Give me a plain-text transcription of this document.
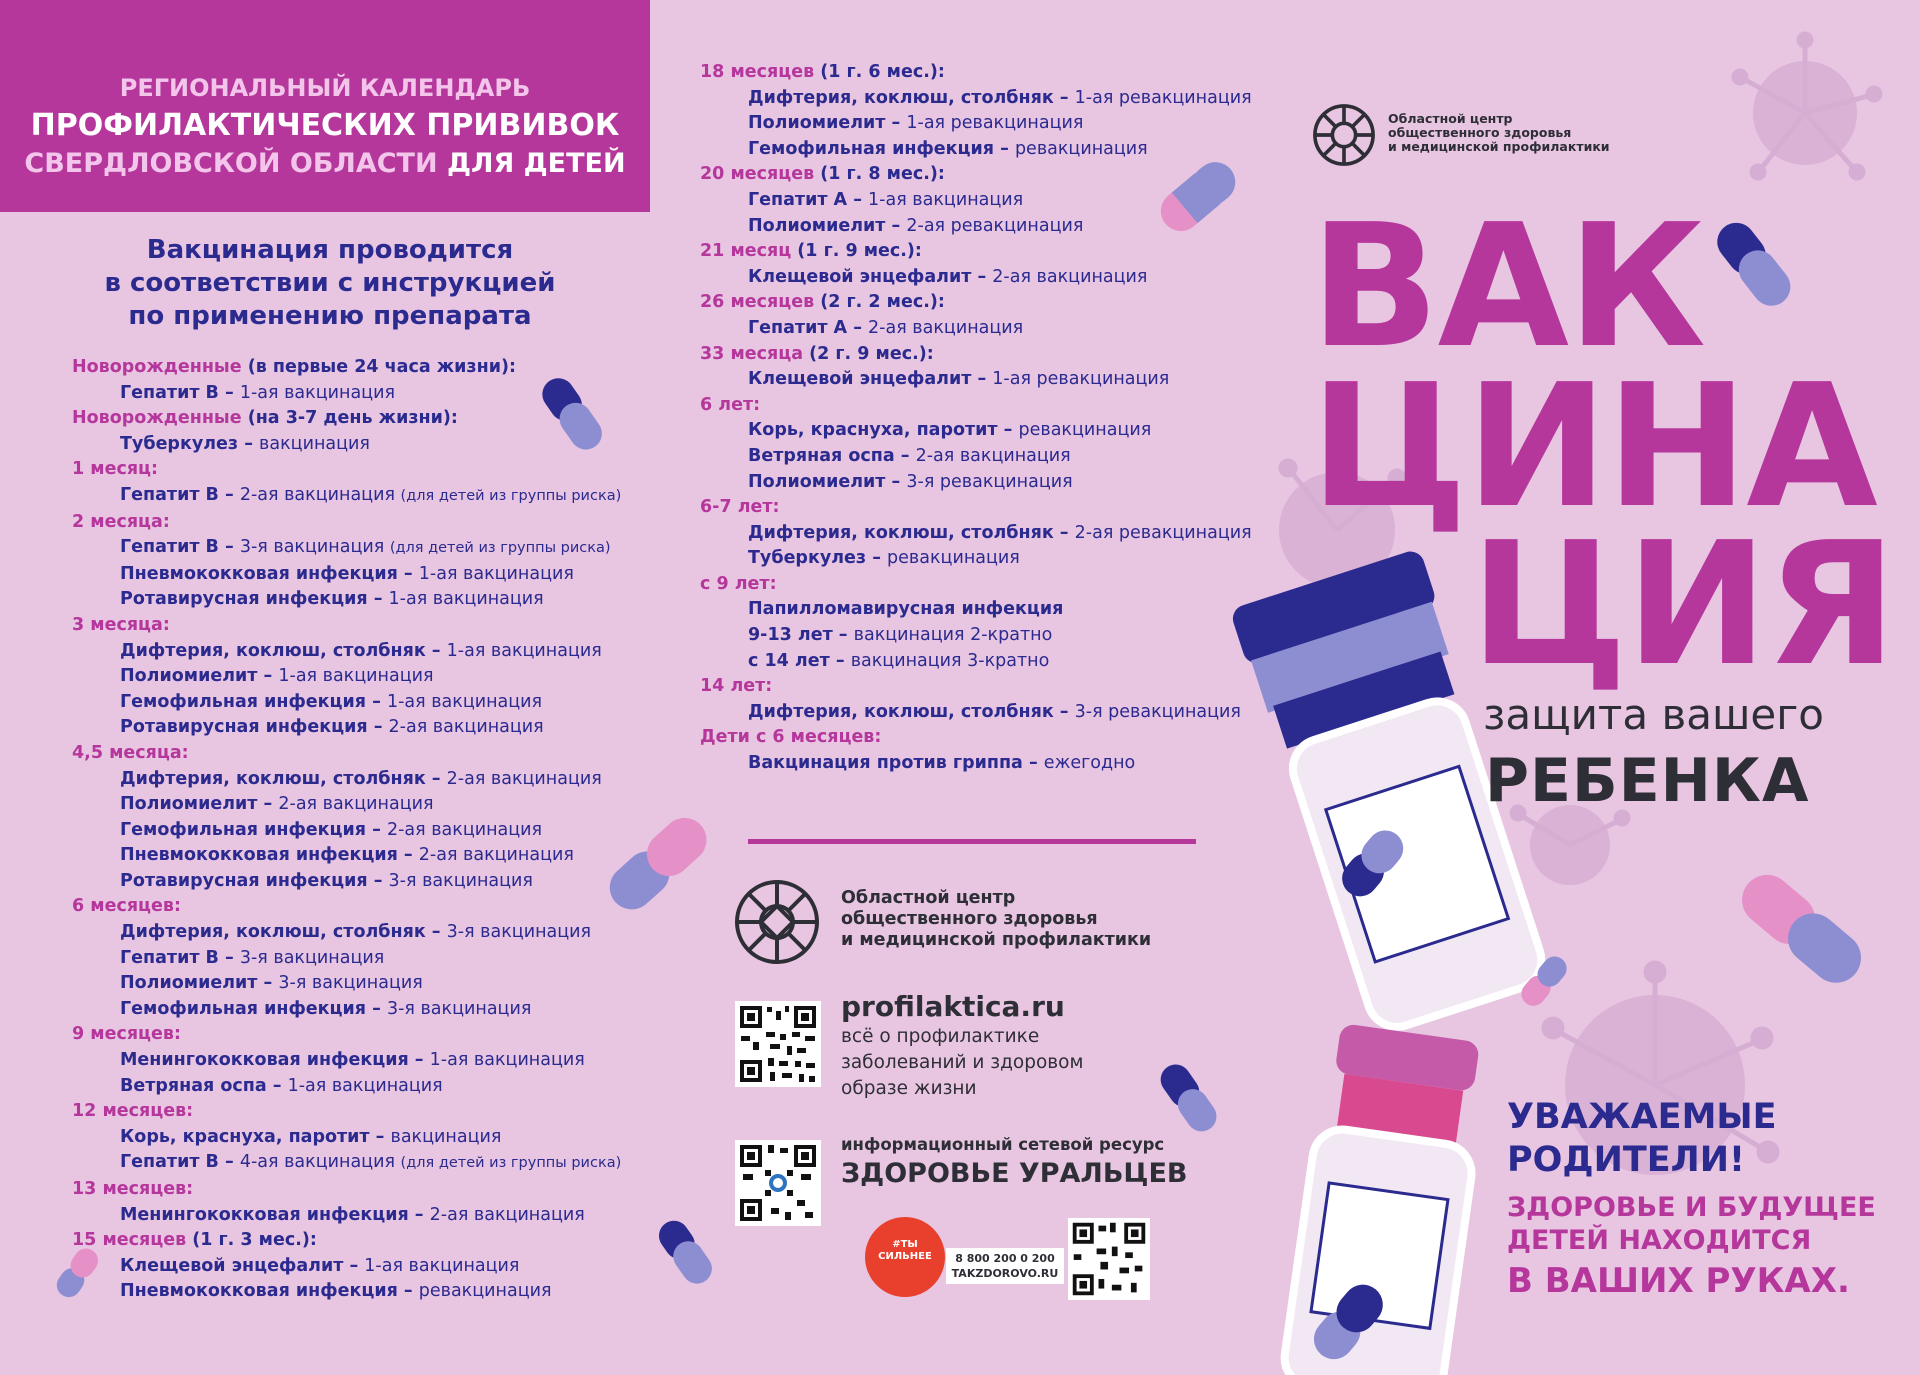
РЕГИОНАЛЬНЫЙ КАЛЕНДАРЬ
ПРОФИЛАКТИЧЕСКИХ ПРИВИВОК
СВЕРДЛОВСКОЙ ОБЛАСТИ ДЛЯ ДЕТЕЙ
Вакцинация проводится
в соответствии с инструкцией
по применению препарата
Новорожденные (в первые 24 часа жизни):
Гепатит В – 1-ая вакцинация
Новорожденные (на 3-7 день жизни):
Туберкулез – вакцинация
1 месяц:
Гепатит В – 2-ая вакцинация (для детей из группы риска)
2 месяца:
Гепатит В – 3-я вакцинация (для детей из группы риска)
Пневмококковая инфекция – 1-ая вакцинация
Ротавирусная инфекция – 1-ая вакцинация
3 месяца:
Дифтерия, коклюш, столбняк – 1-ая вакцинация
Полиомиелит – 1-ая вакцинация
Гемофильная инфекция – 1-ая вакцинация
Ротавирусная инфекция – 2-ая вакцинация
4,5 месяца:
Дифтерия, коклюш, столбняк – 2-ая вакцинация
Полиомиелит – 2-ая вакцинация
Гемофильная инфекция – 2-ая вакцинация
Пневмококковая инфекция – 2-ая вакцинация
Ротавирусная инфекция – 3-я вакцинация
6 месяцев:
Дифтерия, коклюш, столбняк – 3-я вакцинация
Гепатит В – 3-я вакцинация
Полиомиелит – 3-я вакцинация
Гемофильная инфекция – 3-я вакцинация
9 месяцев:
Менингококковая инфекция – 1-ая вакцинация
Ветряная оспа – 1-ая вакцинация
12 месяцев:
Корь, краснуха, паротит – вакцинация
Гепатит В – 4-ая вакцинация (для детей из группы риска)
13 месяцев:
Менингококковая инфекция – 2-ая вакцинация
15 месяцев (1 г. 3 мес.):
Клещевой энцефалит – 1-ая вакцинация
Пневмококковая инфекция – ревакцинация
18 месяцев (1 г. 6 мес.):
Дифтерия, коклюш, столбняк – 1-ая ревакцинация
Полиомиелит – 1-ая ревакцинация
Гемофильная инфекция – ревакцинация
20 месяцев (1 г. 8 мес.):
Гепатит А – 1-ая вакцинация
Полиомиелит – 2-ая ревакцинация
21 месяц (1 г. 9 мес.):
Клещевой энцефалит – 2-ая вакцинация
26 месяцев (2 г. 2 мес.):
Гепатит А – 2-ая вакцинация
33 месяца (2 г. 9 мес.):
Клещевой энцефалит – 1-ая ревакцинация
6 лет:
Корь, краснуха, паротит – ревакцинация
Ветряная оспа – 2-ая вакцинация
Полиомиелит – 3-я ревакцинация
6-7 лет:
Дифтерия, коклюш, столбняк – 2-ая ревакцинация
Туберкулез – ревакцинация
с 9 лет:
Папилломавирусная инфекция
9-13 лет – вакцинация 2-кратно
с 14 лет – вакцинация 3-кратно
14 лет:
Дифтерия, коклюш, столбняк – 3-я ревакцинация
Дети с 6 месяцев:
Вакцинация против гриппа – ежегодно
Областной центр
общественного здоровья
и медицинской профилактики
profilaktica.ru
всё о профилактике
заболеваний и здоровом
образе жизни
информационный сетевой ресурс
ЗДОРОВЬЕ УРАЛЬЦЕВ
#ТЫ
СИЛЬНЕЕ	8 800 200 0 200
TAKZDOROVO.RU
Областной центр
общественного здоровья
и медицинской профилактики
ВАК
ЦИНА
ЦИЯ
защита вашего
РЕБЕНКА
УВАЖАЕМЫЕ
РОДИТЕЛИ!
ЗДОРОВЬЕ И БУДУЩЕЕ
ДЕТЕЙ НАХОДИТСЯ
В ВАШИХ РУКАХ.
